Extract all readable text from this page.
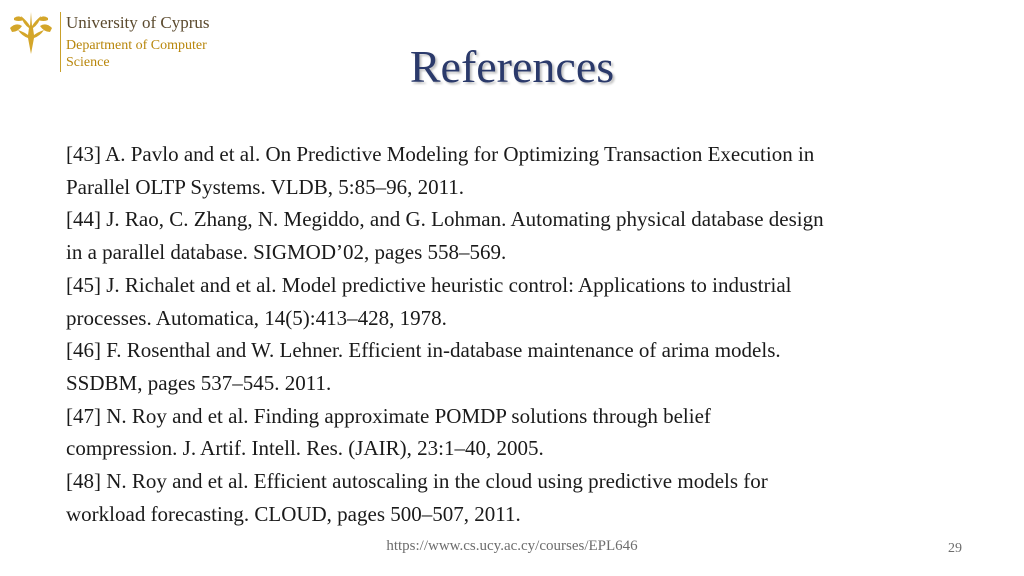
University of Cyprus
Department of Computer Science	References
[43] A. Pavlo and et al. On Predictive Modeling for Optimizing Transaction Execution in Parallel OLTP Systems. VLDB, 5:85–96, 2011.
[44] J. Rao, C. Zhang, N. Megiddo, and G. Lohman. Automating physical database design in a parallel database. SIGMOD’02, pages 558–569.
[45] J. Richalet and et al. Model predictive heuristic control: Applications to industrial processes. Automatica, 14(5):413–428, 1978.
[46] F. Rosenthal and W. Lehner. Efficient in-database maintenance of arima models. SSDBM, pages 537–545. 2011.
[47] N. Roy and et al. Finding approximate POMDP solutions through belief compression. J. Artif. Intell. Res. (JAIR), 23:1–40, 2005.
[48] N. Roy and et al. Efficient autoscaling in the cloud using predictive models for workload forecasting. CLOUD, pages 500–507, 2011.
https://www.cs.ucy.ac.cy/courses/EPL646	29
